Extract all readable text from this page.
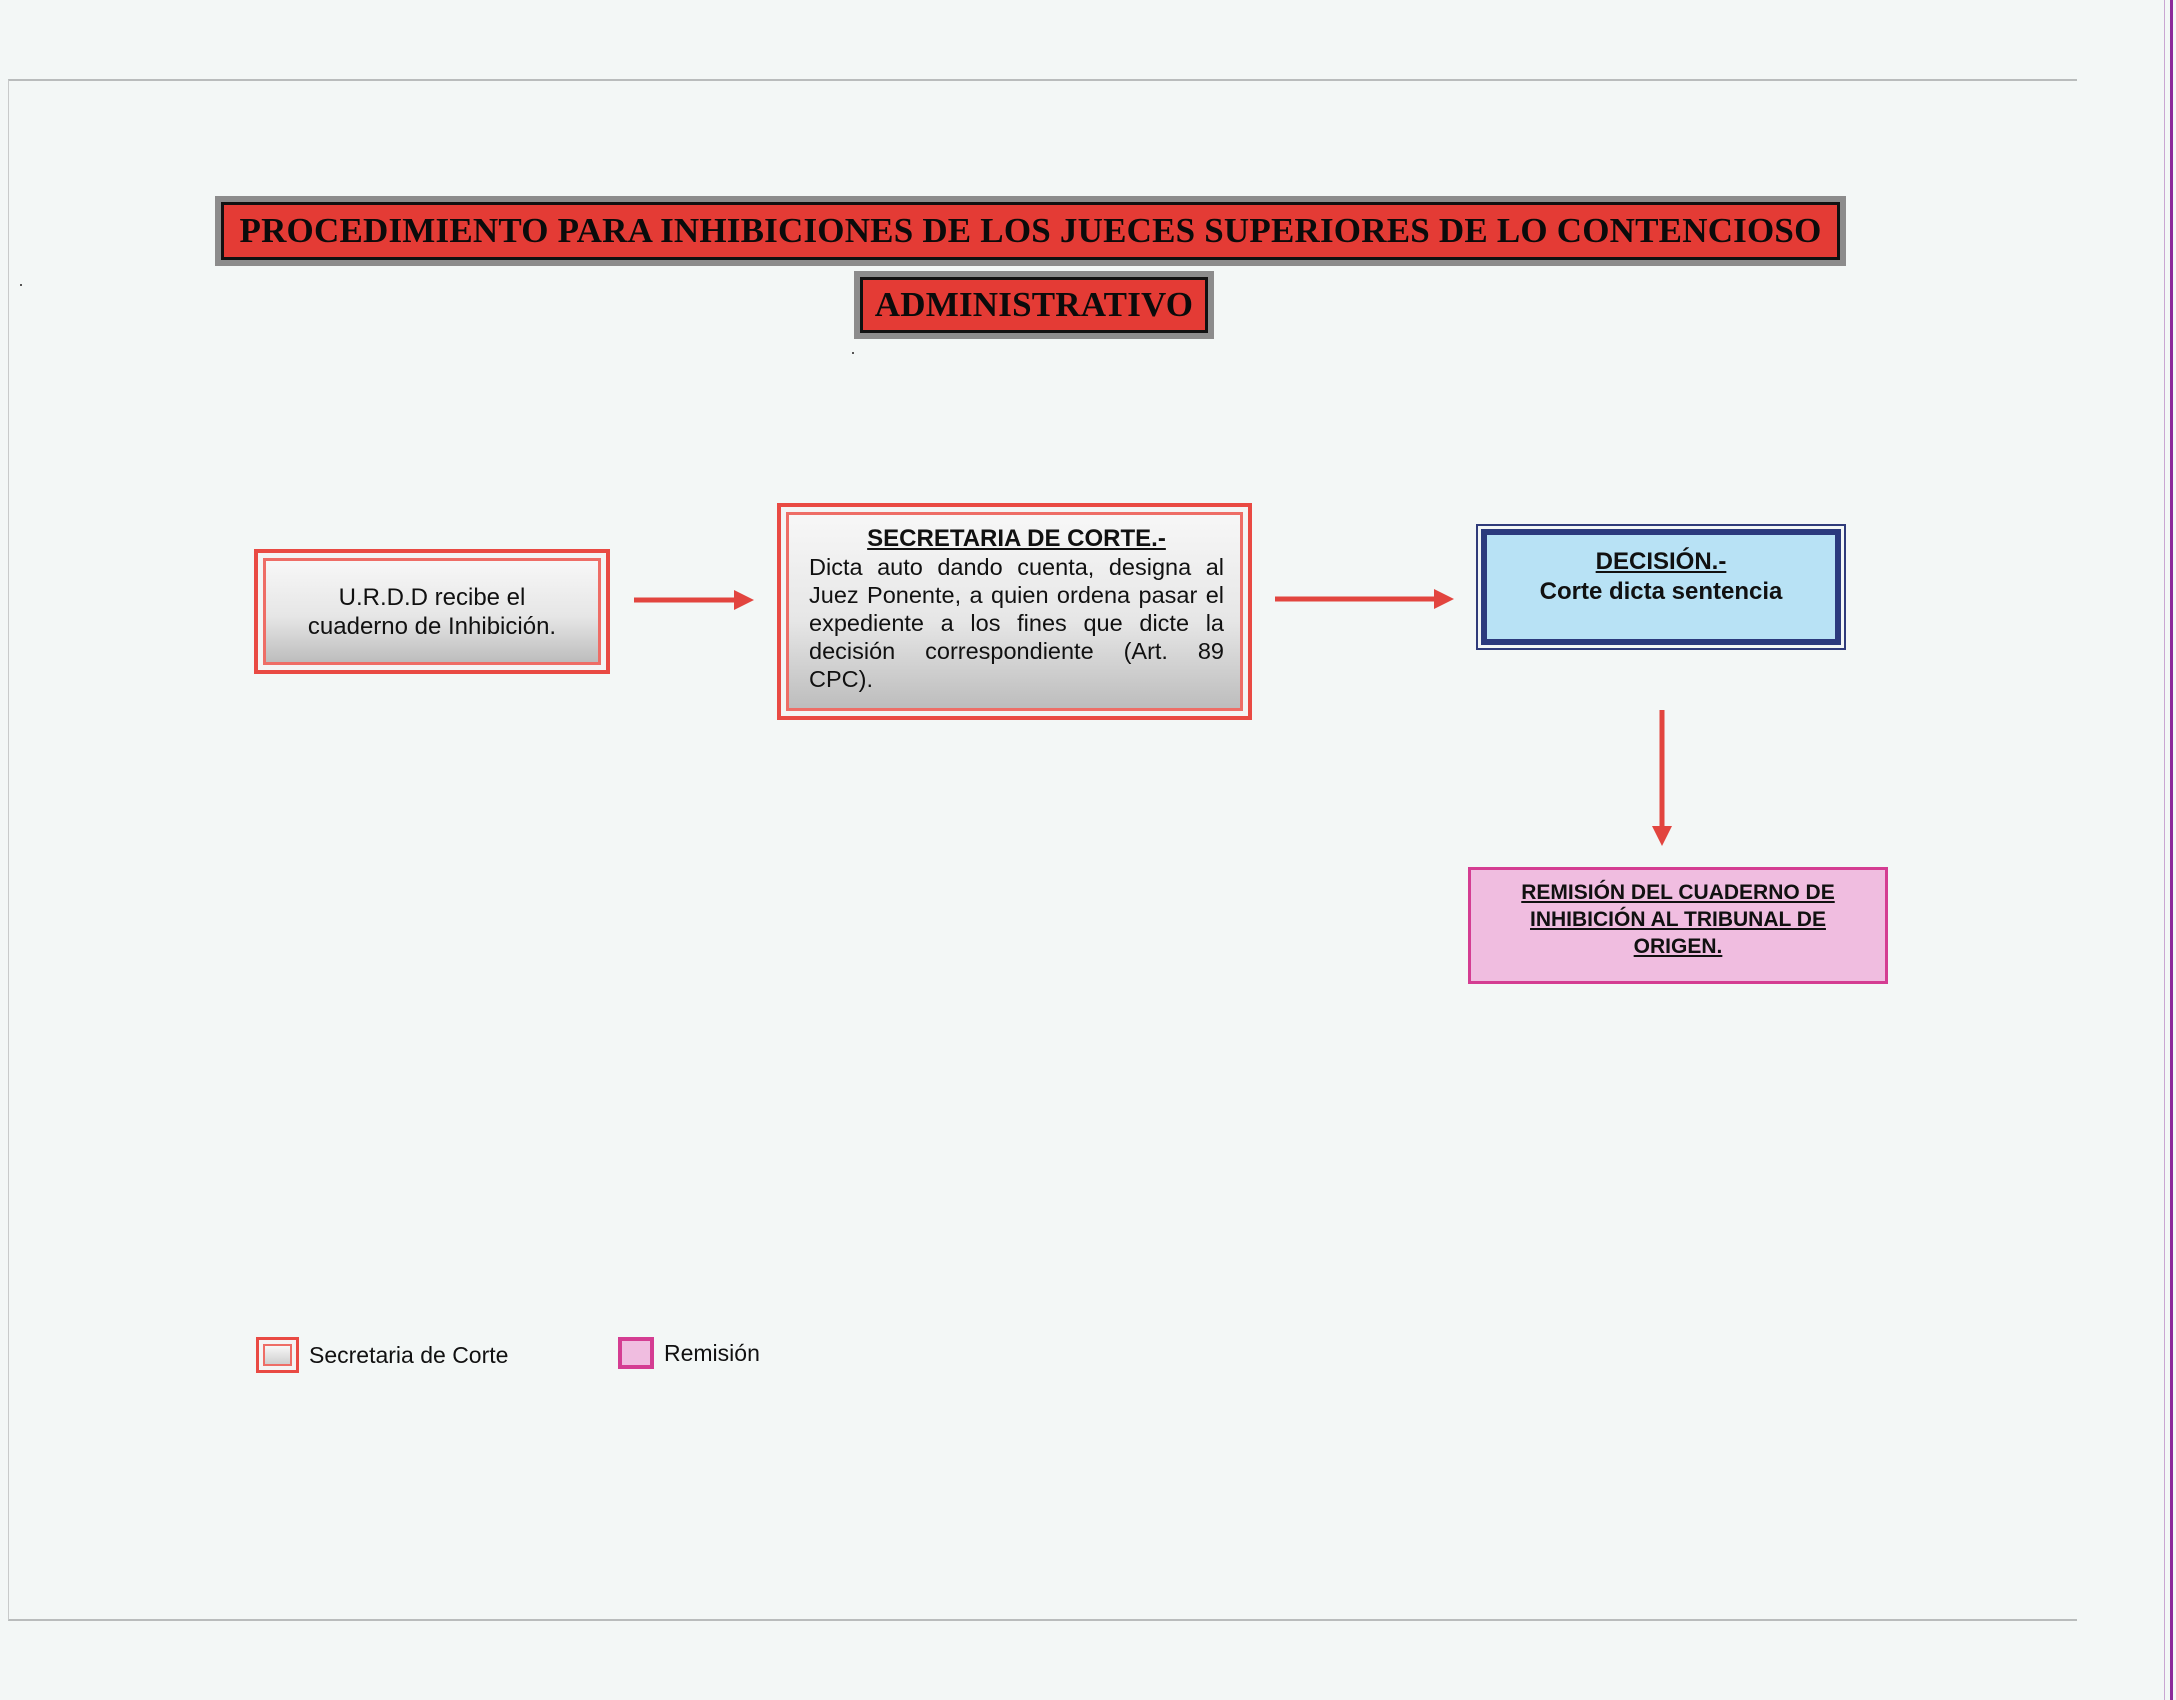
PROCEDIMIENTO PARA INHIBICIONES DE LOS JUECES SUPERIORES DE LO CONTENCIOSO
ADMINISTRATIVO
U.R.D.D recibe el cuaderno de Inhibición.
SECRETARIA DE CORTE.-
Dicta auto dando cuenta, designa al Juez Ponente, a quien ordena pasar el expediente a los fines que dicte la decisión correspondiente (Art. 89 CPC).
DECISIÓN.-
Corte dicta sentencia
REMISIÓN DEL CUADERNO DE INHIBICIÓN AL TRIBUNAL DE ORIGEN.
Secretaria de Corte	Remisión
